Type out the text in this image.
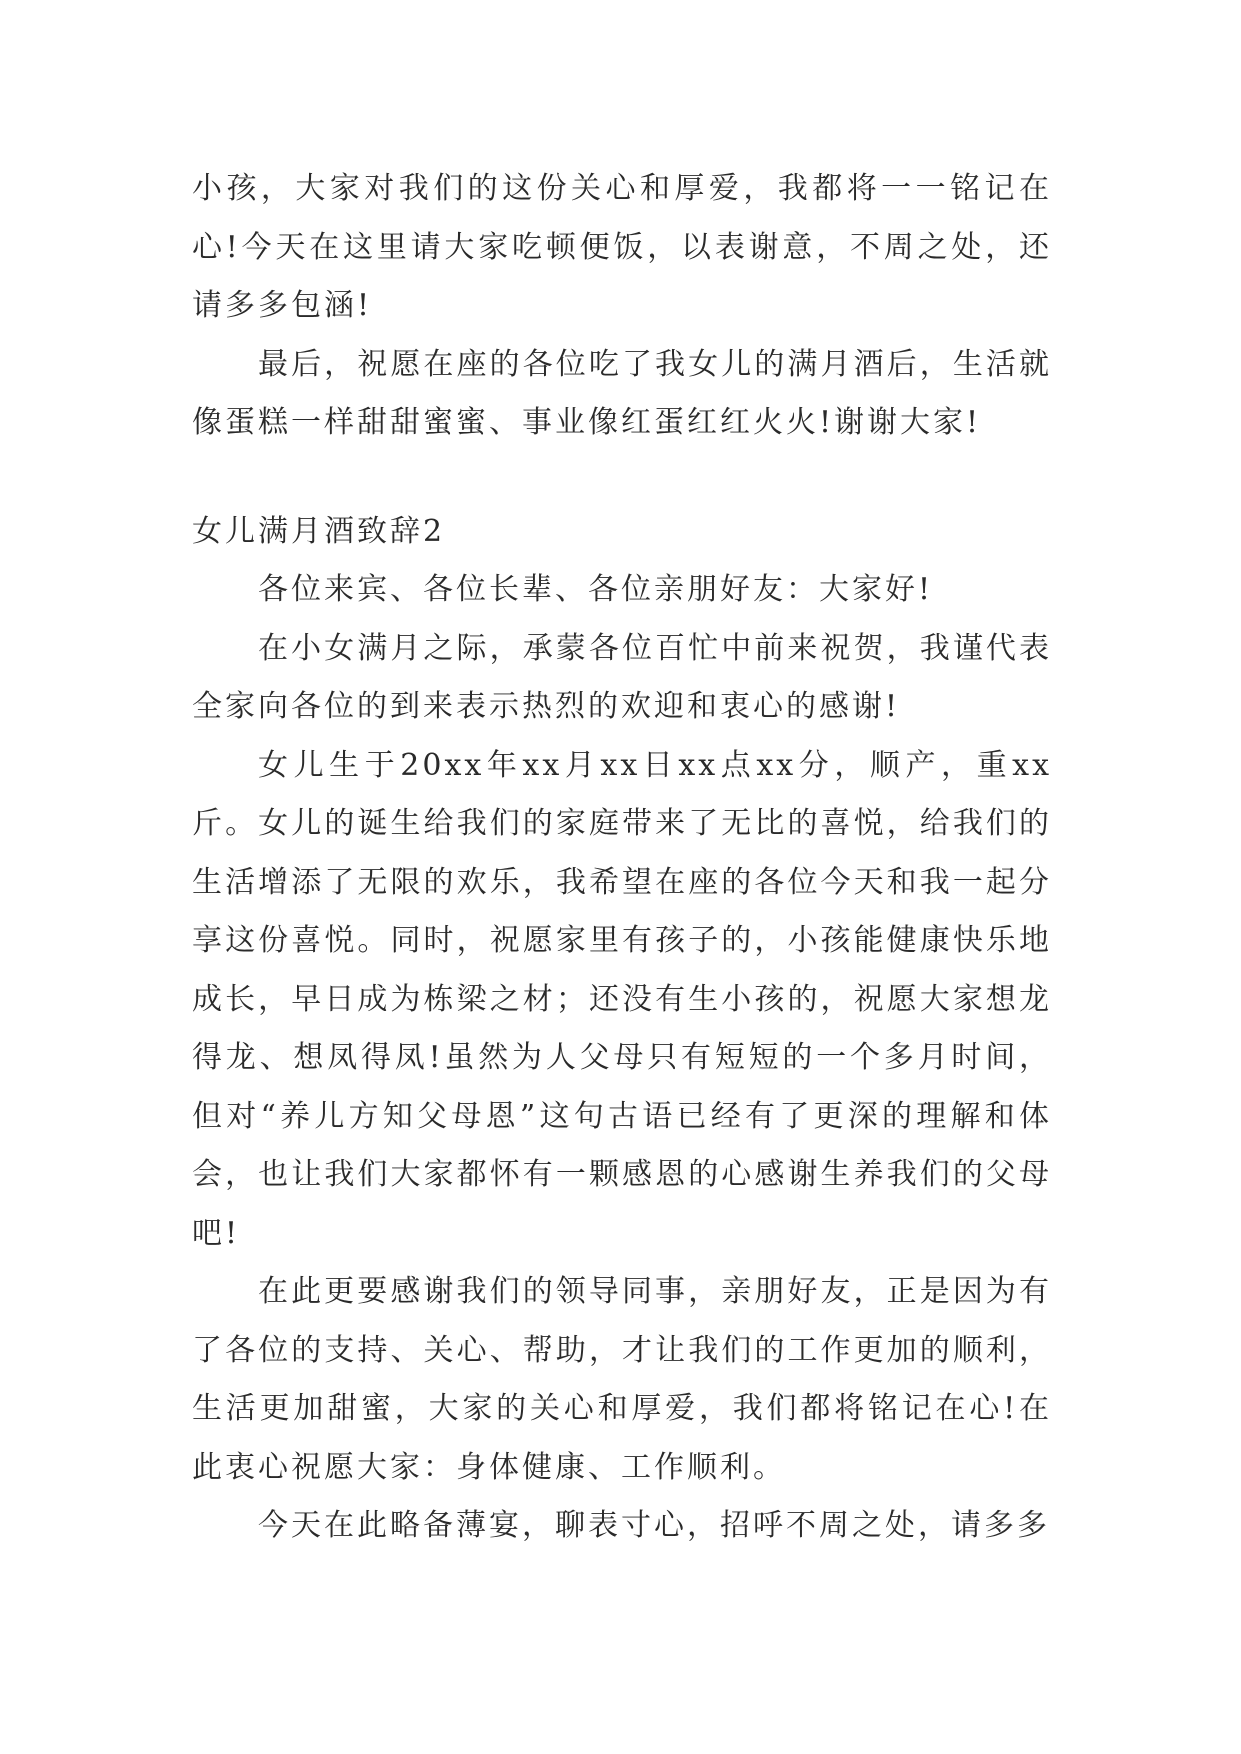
小孩，大家对我们的这份关心和厚爱，我都将一一铭记在心!今天在这里请大家吃顿便饭，以表谢意，不周之处，还请多多包涵!

最后，祝愿在座的各位吃了我女儿的满月酒后，生活就像蛋糕一样甜甜蜜蜜、事业像红蛋红红火火!谢谢大家!

女儿满月酒致辞2

各位来宾、各位长辈、各位亲朋好友：大家好!

在小女满月之际，承蒙各位百忙中前来祝贺，我谨代表全家向各位的到来表示热烈的欢迎和衷心的感谢!

女儿生于20xx年xx月xx日xx点xx分，顺产，重xx斤。女儿的诞生给我们的家庭带来了无比的喜悦，给我们的生活增添了无限的欢乐，我希望在座的各位今天和我一起分享这份喜悦。同时，祝愿家里有孩子的，小孩能健康快乐地成长，早日成为栋梁之材；还没有生小孩的，祝愿大家想龙得龙、想凤得凤!虽然为人父母只有短短的一个多月时间，但对“养儿方知父母恩”这句古语已经有了更深的理解和体会，也让我们大家都怀有一颗感恩的心感谢生养我们的父母吧!

在此更要感谢我们的领导同事，亲朋好友，正是因为有了各位的支持、关心、帮助，才让我们的工作更加的顺利，生活更加甜蜜，大家的关心和厚爱，我们都将铭记在心!在此衷心祝愿大家：身体健康、工作顺利。

今天在此略备薄宴，聊表寸心，招呼不周之处，请多多
